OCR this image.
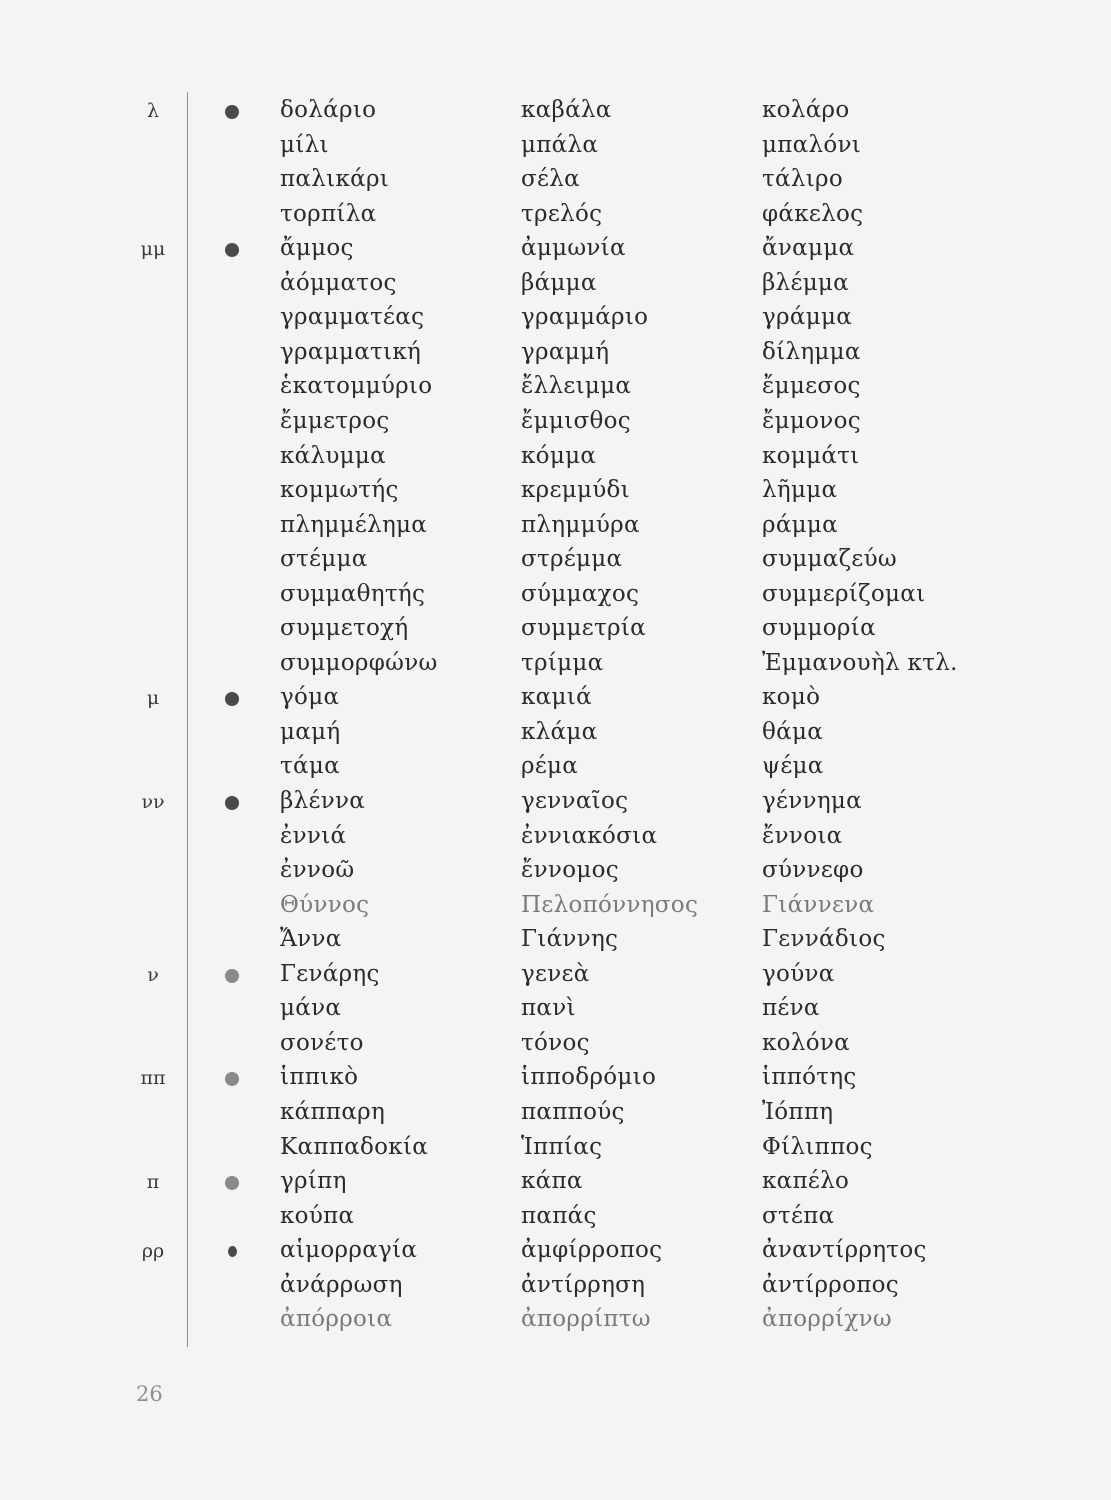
λ	δολάριο	καβάλα	κολάρο
μίλι	μπάλα	μπαλόνι
παλικάρι	σέλα	τάλιρο
τορπίλα	τρελός	φάκελος
μμ	ἄμμος	ἀμμωνία	ἄναμμα
ἀόμματος	βάμμα	βλέμμα
γραμματέας	γραμμάριο	γράμμα
γραμματική	γραμμή	δίλημμα
ἑκατομμύριο	ἔλλειμμα	ἔμμεσος
ἔμμετρος	ἔμμισθος	ἔμμονος
κάλυμμα	κόμμα	κομμάτι
κομμωτής	κρεμμύδι	λῆμμα
πλημμέλημα	πλημμύρα	ράμμα
στέμμα	στρέμμα	συμμαζεύω
συμμαθητής	σύμμαχος	συμμερίζομαι
συμμετοχή	συμμετρία	συμμορία
συμμορφώνω	τρίμμα	Ἐμμανουὴλ κτλ.
μ	γόμα	καμιά	κομὸ
μαμή	κλάμα	θάμα
τάμα	ρέμα	ψέμα
νν	βλέννα	γενναῖος	γέννημα
ἐννιά	ἐννιακόσια	ἔννοια
ἐννοῶ	ἔννομος	σύννεφο
Θύννος	Πελοπόννησος	Γιάννενα
Ἄννα	Γιάννης	Γεννάδιος
ν	Γενάρης	γενεὰ	γούνα
μάνα	πανὶ	πένα
σονέτο	τόνος	κολόνα
ππ	ἱππικὸ	ἱπποδρόμιο	ἱππότης
κάππαρη	παππούς	Ἰόππη
Καππαδοκία	Ἱππίας	Φίλιππος
π	γρίπη	κάπα	καπέλο
κούπα	παπάς	στέπα
ρρ	αἱμορραγία	ἀμφίρροπος	ἀναντίρρητος
ἀνάρρωση	ἀντίρρηση	ἀντίρροπος
ἀπόρροια	ἀπορρίπτω	ἀπορρίχνω
26
